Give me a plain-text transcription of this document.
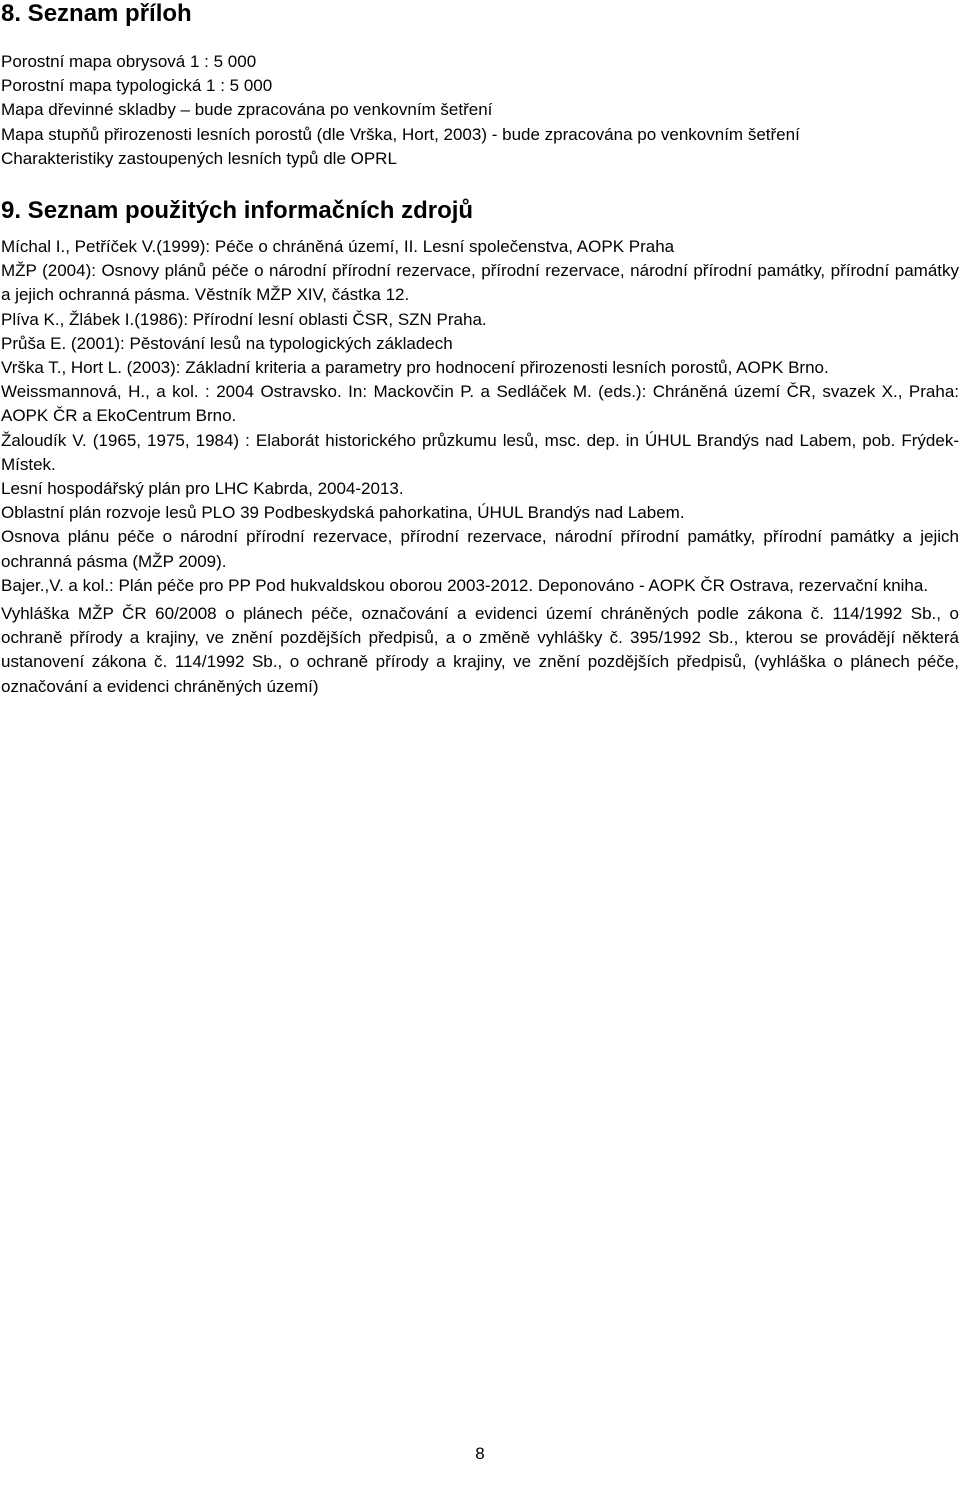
8. Seznam příloh
Porostní mapa obrysová 1 : 5 000
Porostní mapa typologická 1 : 5 000
Mapa dřevinné skladby – bude zpracována po venkovním šetření
Mapa stupňů přirozenosti lesních porostů (dle Vrška, Hort, 2003) - bude zpracována po venkovním šetření
Charakteristiky zastoupených lesních typů dle OPRL
9. Seznam použitých informačních zdrojů
Míchal I., Petříček V.(1999): Péče o chráněná území, II. Lesní společenstva, AOPK Praha
MŽP (2004): Osnovy plánů péče o národní přírodní rezervace, přírodní rezervace, národní přírodní památky, přírodní památky a jejich ochranná pásma. Věstník MŽP XIV, částka 12.
Plíva K., Žlábek I.(1986): Přírodní lesní oblasti ČSR, SZN Praha.
Průša E. (2001): Pěstování lesů na typologických základech
Vrška T., Hort L. (2003): Základní kriteria a parametry pro hodnocení přirozenosti lesních porostů, AOPK Brno.
Weissmannová, H., a kol. : 2004 Ostravsko. In: Mackovčin P. a Sedláček M. (eds.): Chráněná území ČR, svazek X., Praha: AOPK ČR a EkoCentrum Brno.
Žaloudík V. (1965, 1975, 1984) : Elaborát historického průzkumu lesů, msc. dep. in ÚHUL Brandýs nad Labem, pob. Frýdek-Místek.
Lesní hospodářský plán pro LHC Kabrda, 2004-2013.
Oblastní plán rozvoje lesů PLO 39 Podbeskydská pahorkatina, ÚHUL Brandýs nad Labem.
Osnova plánu péče o národní přírodní rezervace, přírodní rezervace, národní přírodní památky, přírodní památky a jejich ochranná pásma (MŽP 2009).
Bajer.,V. a kol.: Plán péče pro PP Pod hukvaldskou oborou 2003-2012. Deponováno - AOPK ČR Ostrava, rezervační kniha.
Vyhláška MŽP ČR 60/2008 o plánech péče, označování a evidenci území chráněných podle zákona č. 114/1992 Sb., o ochraně přírody a krajiny, ve znění pozdějších předpisů, a o změně vyhlášky č. 395/1992 Sb., kterou se provádějí některá ustanovení zákona č. 114/1992 Sb., o ochraně přírody a krajiny, ve znění pozdějších předpisů, (vyhláška o plánech péče, označování a evidenci chráněných území)
8
